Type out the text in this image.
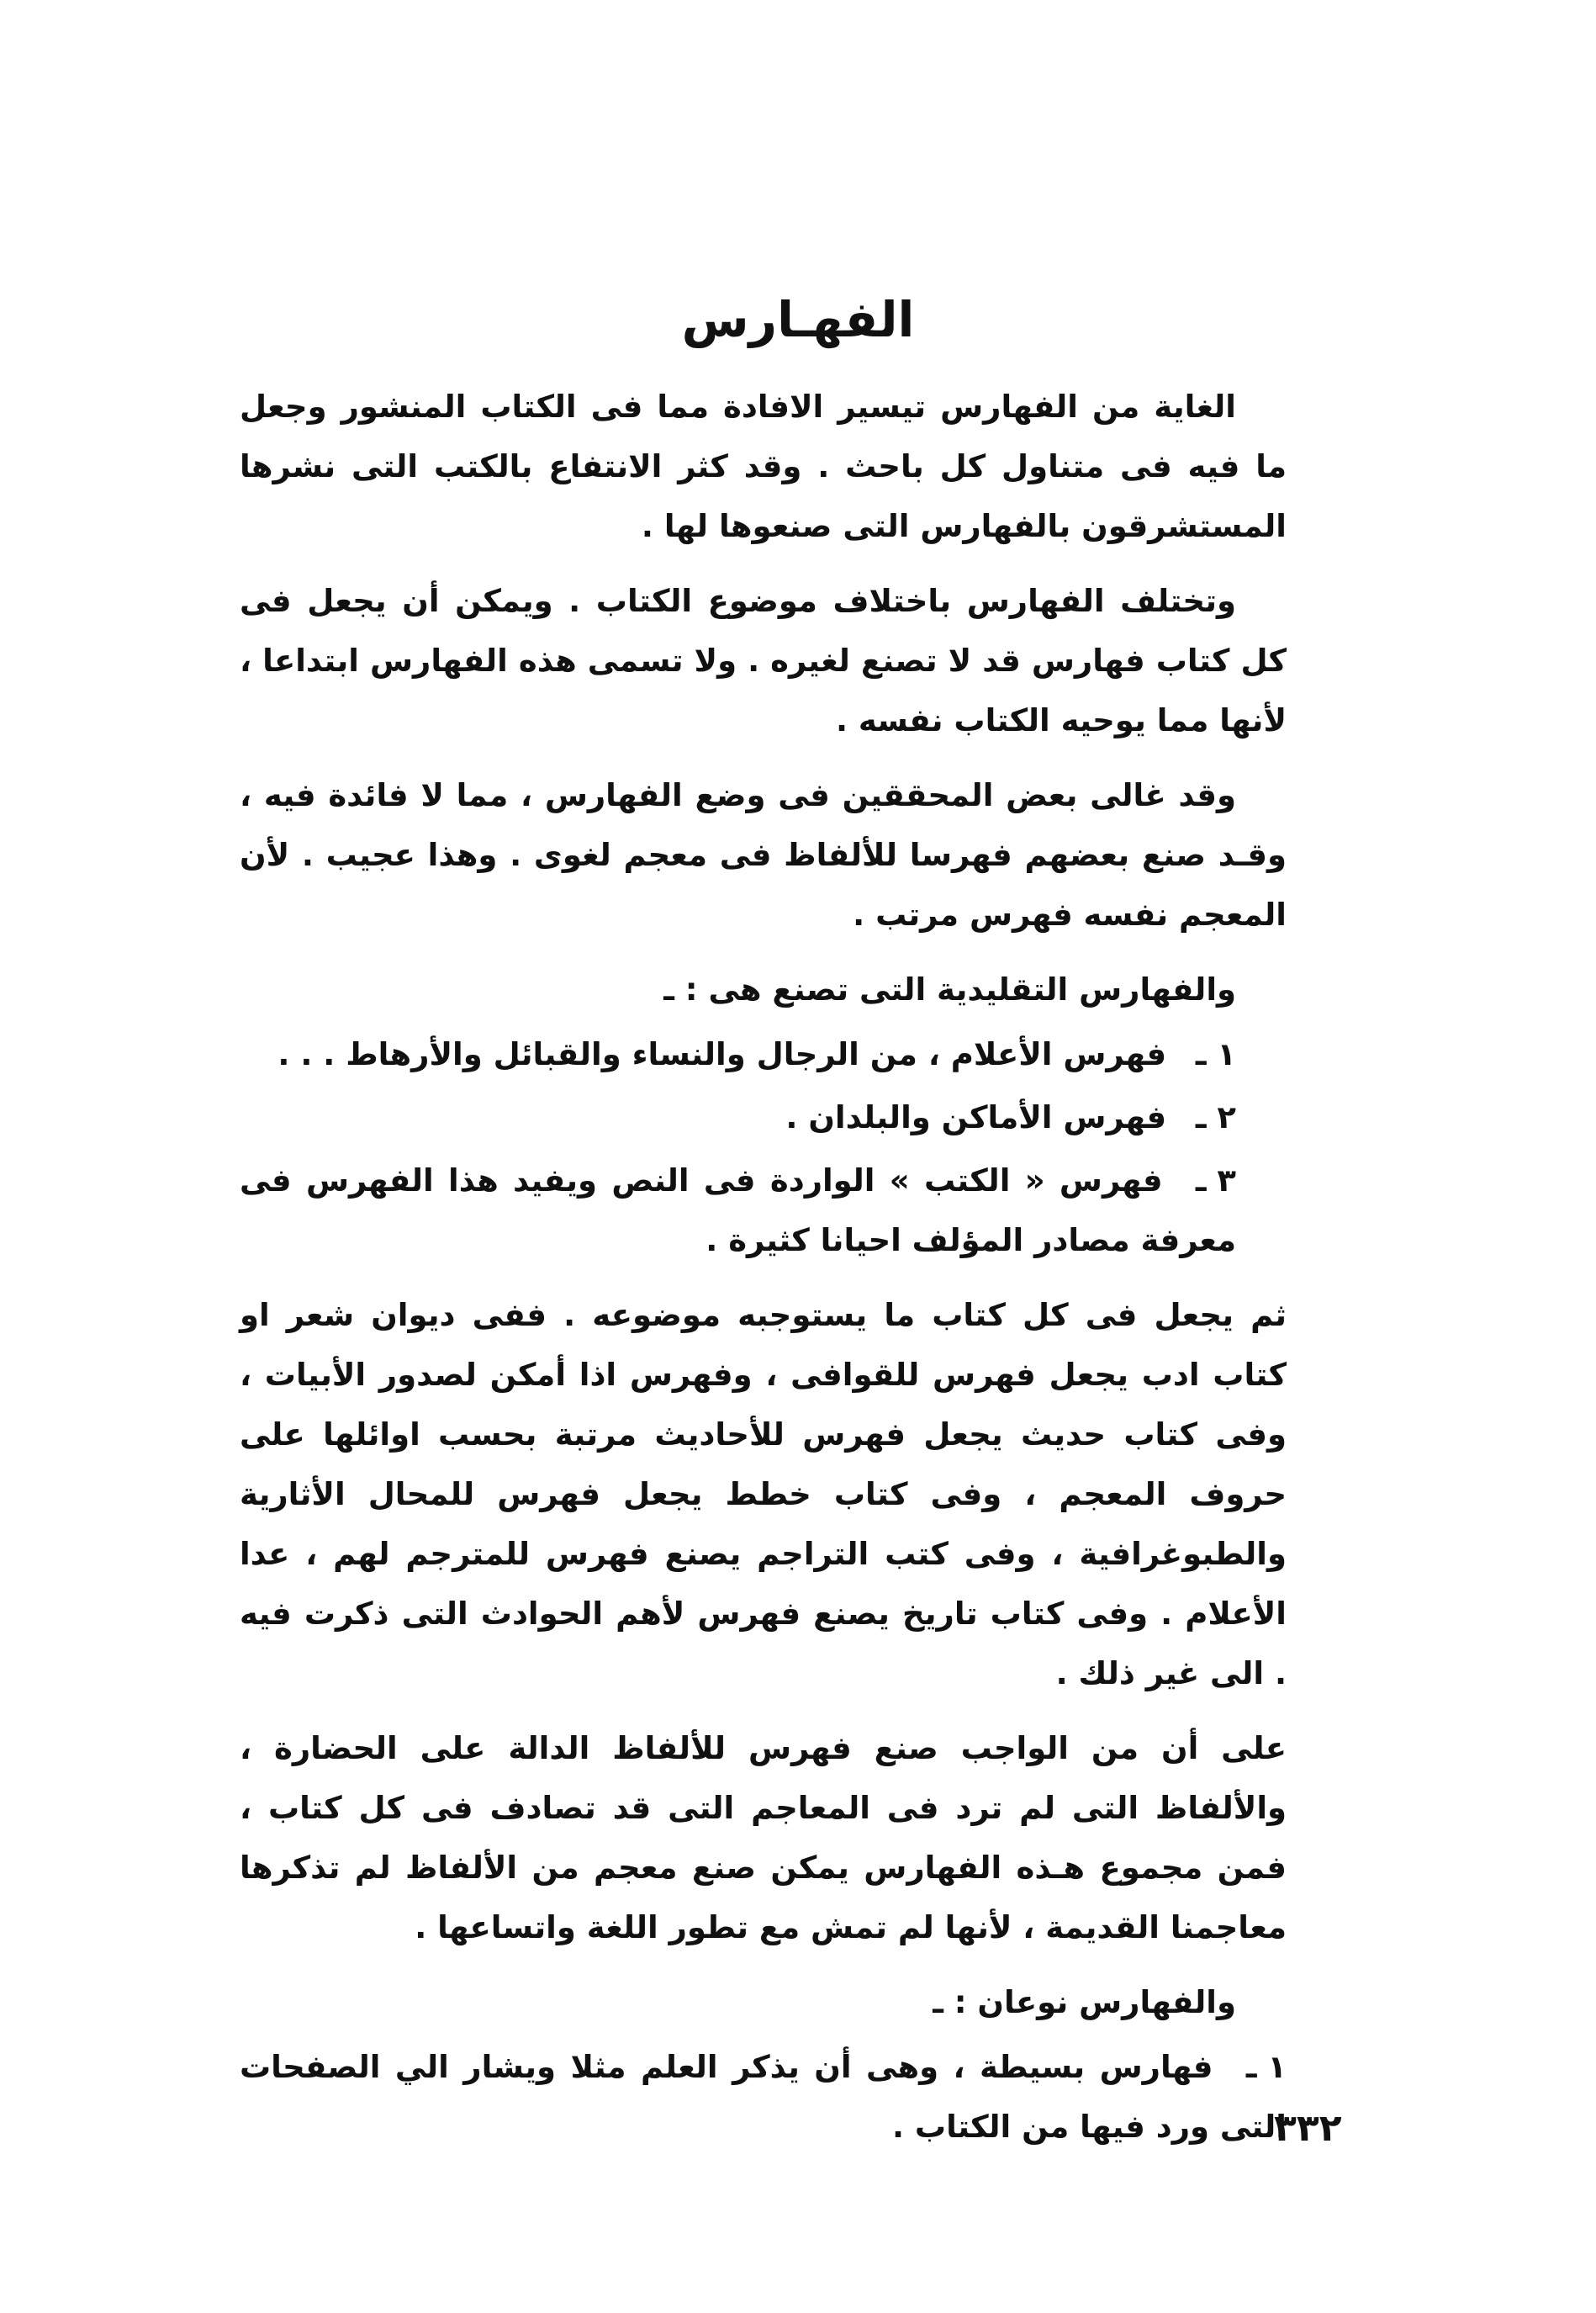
الفهـارس

الغاية من الفهارس تيسير الافادة مما فى الكتاب المنشور وجعل ما فيه فى متناول كل باحث . وقد كثر الانتفاع بالكتب التى نشرها المستشرقون بالفهارس التى صنعوها لها .

وتختلف الفهارس باختلاف موضوع الكتاب . ويمكن أن يجعل فى كل كتاب فهارس قد لا تصنع لغيره . ولا تسمى هذه الفهارس ابتداعا ، لأنها مما يوحيه الكتاب نفسه .

وقد غالى بعض المحققين فى وضع الفهارس ، مما لا فائدة فيه ، وقـد صنع بعضهم فهرسا للألفاظ فى معجم لغوى . وهذا عجيب . لأن المعجم نفسه فهرس مرتب .

والفهارس التقليدية التى تصنع هى : ـ

١ ـ فهرس الأعلام ، من الرجال والنساء والقبائل والأرهاط . . .
٢ ـ فهرس الأماكن والبلدان .
٣ ـ فهرس « الكتب » الواردة فى النص ويفيد هذا الفهرس فى معرفة مصادر المؤلف احيانا كثيرة .

ثم يجعل فى كل كتاب ما يستوجبه موضوعه . ففى ديوان شعر او كتاب ادب يجعل فهرس للقوافى ، وفهرس اذا أمكن لصدور الأبيات ، وفى كتاب حديث يجعل فهرس للأحاديث مرتبة بحسب اوائلها على حروف المعجم ، وفى كتاب خطط يجعل فهرس للمحال الأثارية والطبوغرافية ، وفى كتب التراجم يصنع فهرس للمترجم لهم ، عدا الأعلام . وفى كتاب تاريخ يصنع فهرس لأهم الحوادث التى ذكرت فيه . الى غير ذلك .

على أن من الواجب صنع فهرس للألفاظ الدالة على الحضارة ، والألفاظ التى لم ترد فى المعاجم التى قد تصادف فى كل كتاب ، فمن مجموع هـذه الفهارس يمكن صنع معجم من الألفاظ لم تذكرها معاجمنا القديمة ، لأنها لم تمش مع تطور اللغة واتساعها .

والفهارس نوعان : ـ

١ ـ فهارس بسيطة ، وهى أن يذكر العلم مثلا ويشار الي الصفحات التى ورد فيها من الكتاب .
٣٣٢
